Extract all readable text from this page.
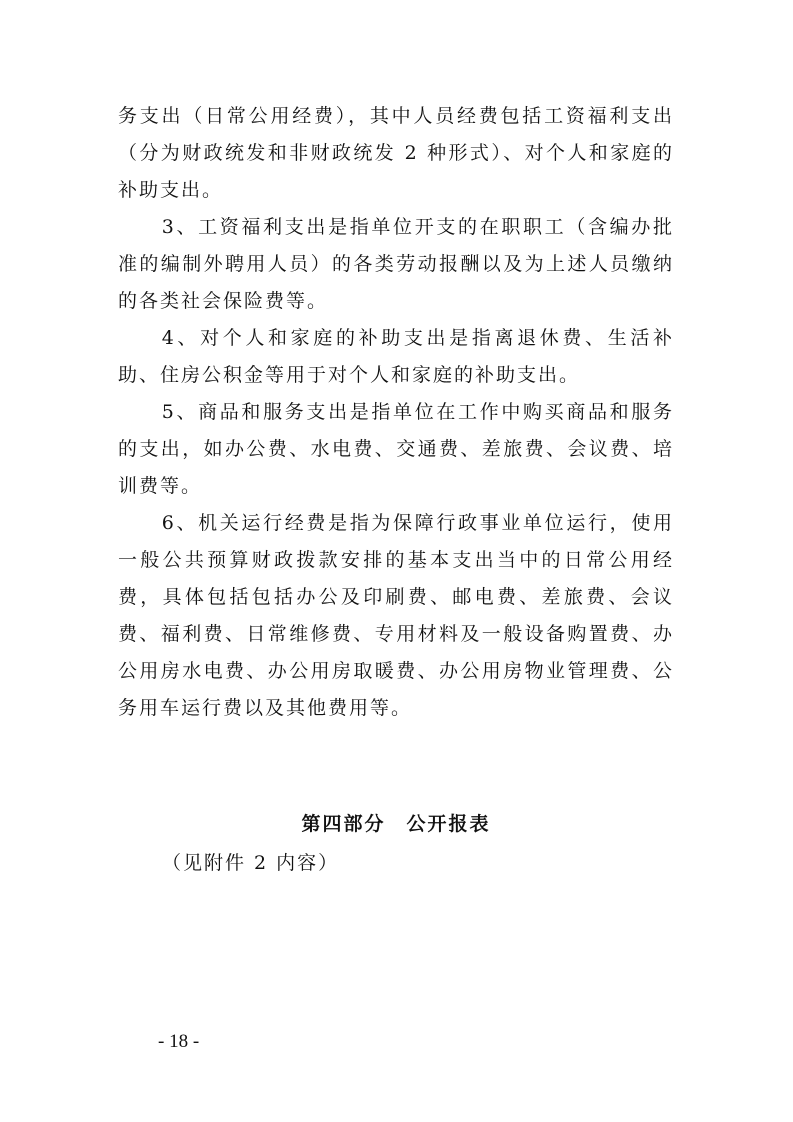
务支出（日常公用经费），其中人员经费包括工资福利支出（分为财政统发和非财政统发 2 种形式）、对个人和家庭的补助支出。

3、工资福利支出是指单位开支的在职职工（含编办批准的编制外聘用人员）的各类劳动报酬以及为上述人员缴纳的各类社会保险费等。

4、对个人和家庭的补助支出是指离退休费、生活补助、住房公积金等用于对个人和家庭的补助支出。

5、商品和服务支出是指单位在工作中购买商品和服务的支出，如办公费、水电费、交通费、差旅费、会议费、培训费等。

6、机关运行经费是指为保障行政事业单位运行，使用一般公共预算财政拨款安排的基本支出当中的日常公用经费，具体包括包括办公及印刷费、邮电费、差旅费、会议费、福利费、日常维修费、专用材料及一般设备购置费、办公用房水电费、办公用房取暖费、办公用房物业管理费、公务用车运行费以及其他费用等。

第四部分　公开报表

（见附件 2 内容）

- 18 -
